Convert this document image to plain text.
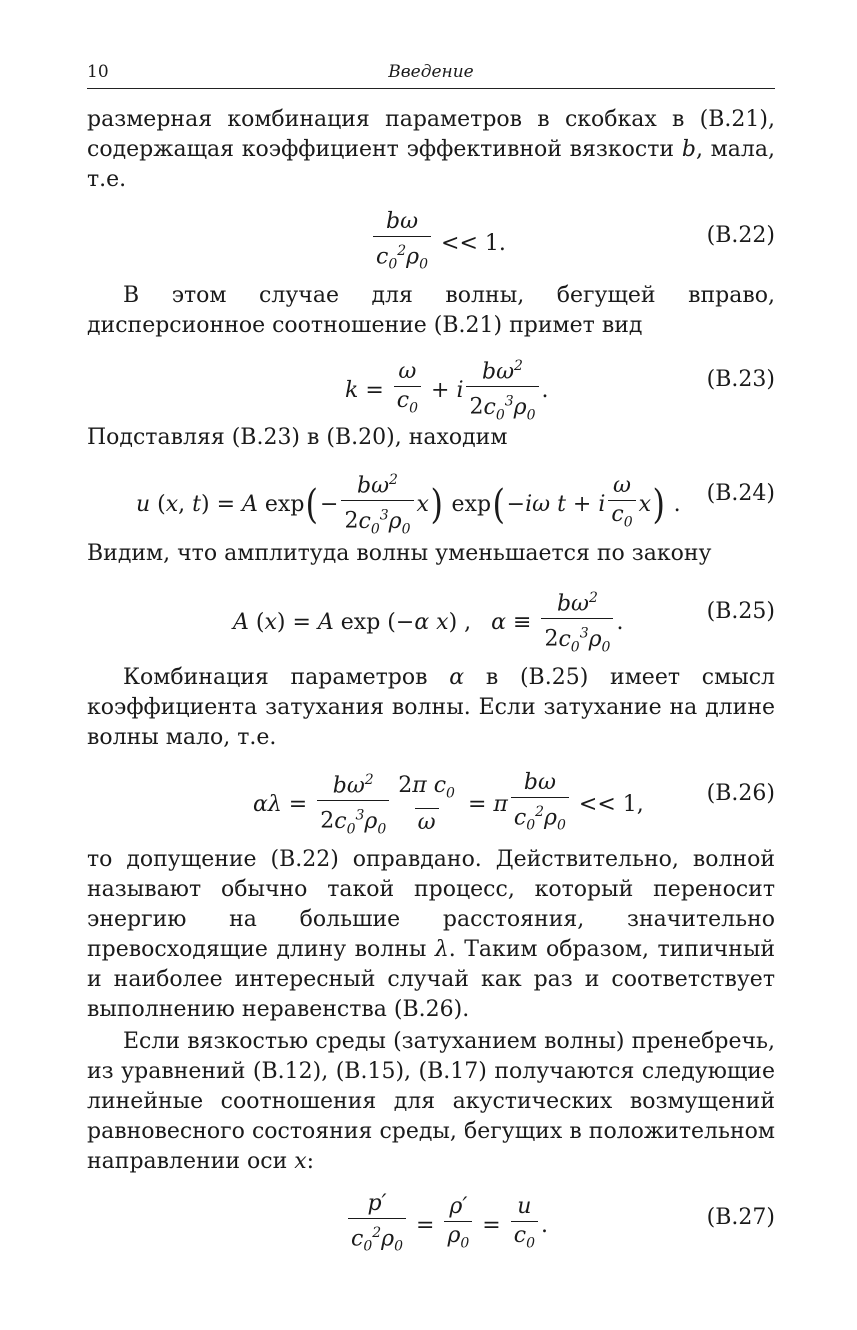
10	Введение

размерная комбинация параметров в скобках в (В.21), содержащая коэффициент эффективной вязкости b, мала, т.е.

$\frac{b\omega}{c_0^2\rho_0} << 1$.	(В.22)

В этом случае для волны, бегущей вправо, дисперсионное соотношение (В.21) примет вид

$k = \frac{\omega}{c_0} + i \frac{b\omega^2}{2c_0^3\rho_0}$ .	(В.23)

Подставляя (В.23) в (В.20), находим

u ( x , t ) = A exp ( − $\frac{b\omega^2}{2c_0^3\rho_0}$ x ) exp ( − iω t + i $\frac{\omega}{c_0}$ x ) . (В.24)

Видим, что амплитуда волны уменьшается по закону

A ( x ) = A exp (− α x ) , $\alpha \equiv \frac{b\omega^2}{2c_0^3\rho_0}$ .	(В.25)

Комбинация параметров α в (В.25) имеет смысл коэффициента затухания волны. Если затухание на длине волны мало, т.е.

$\alpha\lambda = \frac{b\omega^2}{2c_0^3\rho_0} \frac{2\pi c_0}{\omega} = \pi \frac{b\omega}{c_0^2\rho_0} << 1$,	(В.26)

то допущение (В.22) оправдано. Действительно, волной называют обычно такой процесс, который переносит энергию на большие расстояния, значительно превосходящие длину волны λ. Таким образом, типичный и наиболее интересный случай как раз и соответствует выполнению неравенства (В.26).

Если вязкостью среды (затуханием волны) пренебречь, из уравнений (В.12), (В.15), (В.17) получаются следующие линейные соотношения для акустических возмущений равновесного состояния среды, бегущих в положительном направлении оси x:

$\frac{p'}{c_0^2\rho_0} = \frac{\rho'}{\rho_0} = \frac{u}{c_0}$ .	(В.27)
